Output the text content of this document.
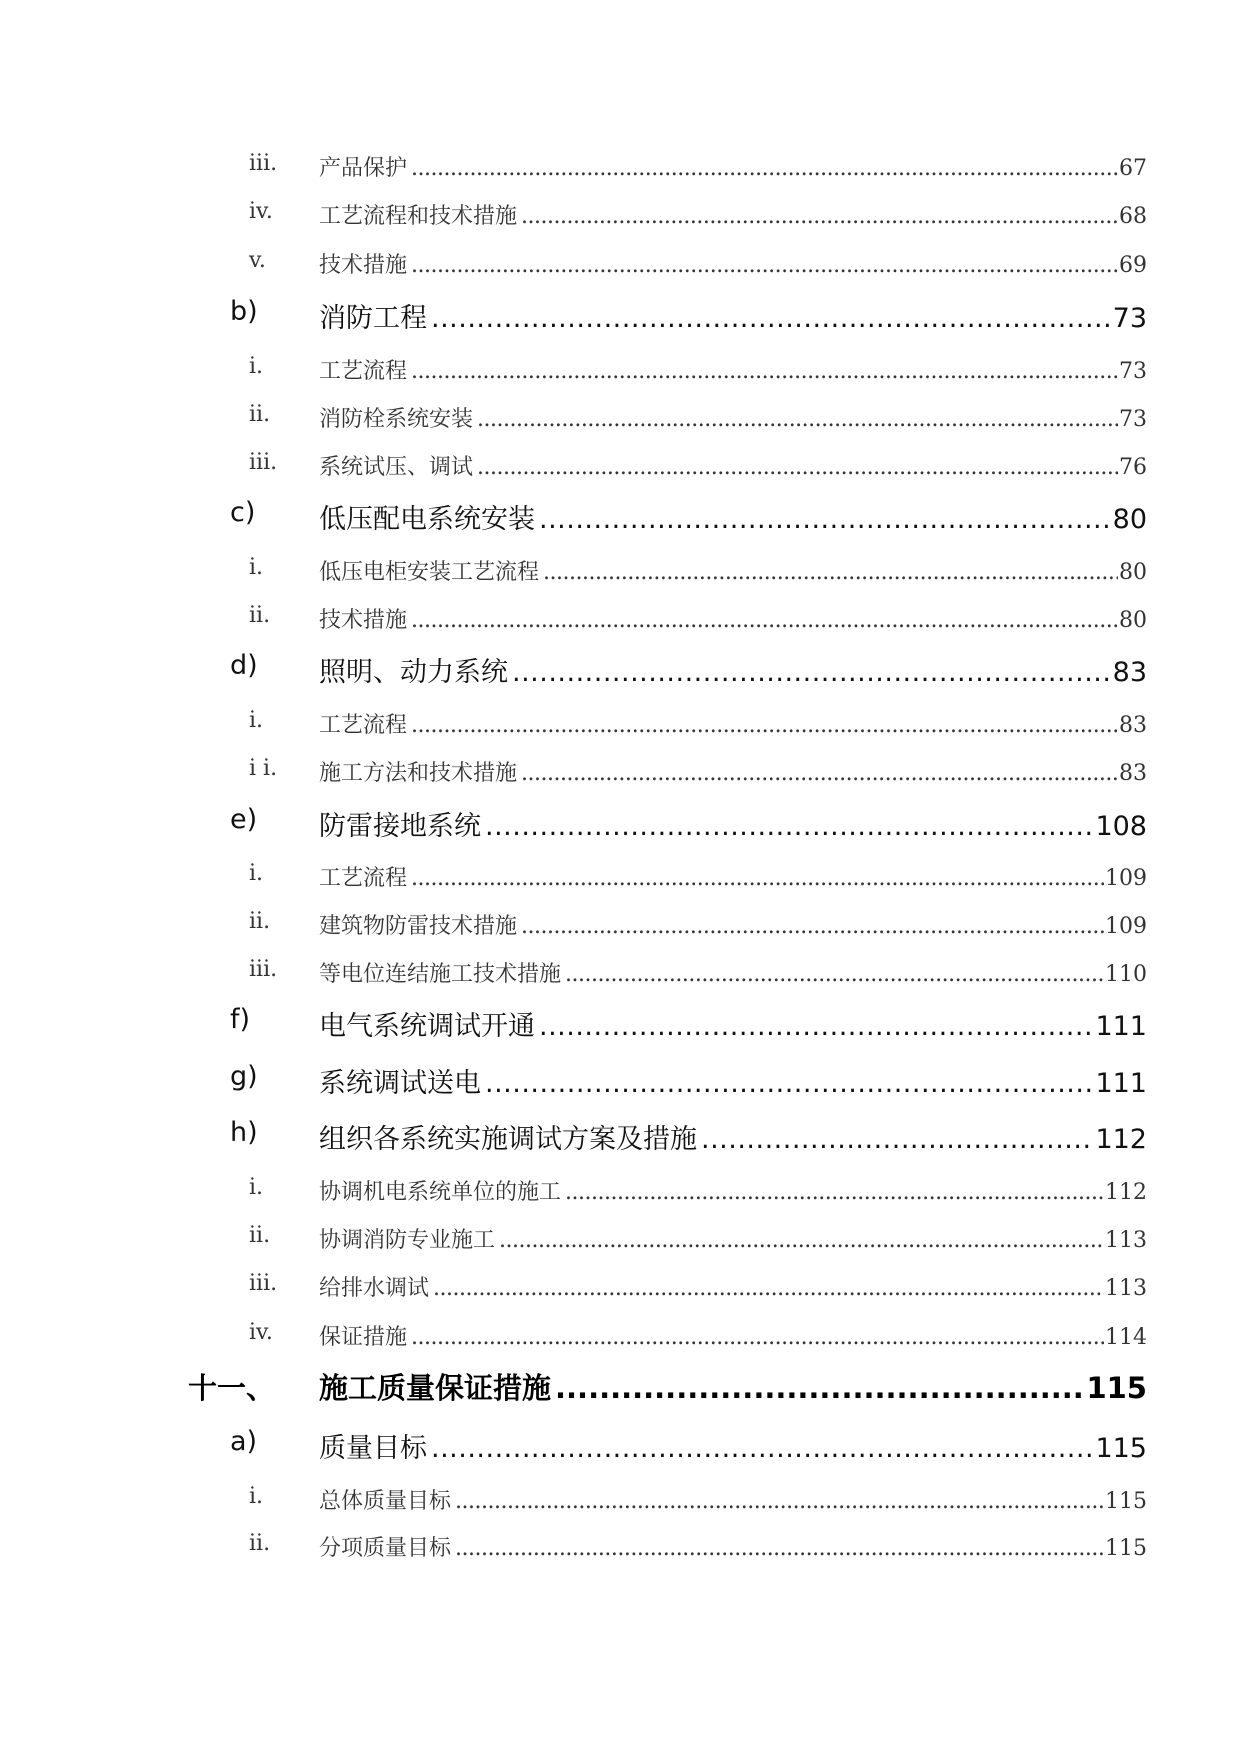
iii. 产品保护 .....	67
iv. 工艺流程和技术措施 .....	68
v. 技术措施 .....	69
b) 消防工程 .....	73
i.	工艺流程 .....	73
ii. 消防栓系统安装 .....	73
iii. 系统试压、调试 .....	76
c) 低压配电系统安装 .....	80
i.	低压电柜安装工艺流程 .....	80
ii. 技术措施 .....	80
d) 照明、动力系统 .....	83
i.	工艺流程 .....	83
i i. 施工方法和技术措施 .....	83
e) 防雷接地系统 .....	108
i.	工艺流程 .....	109
ii. 建筑物防雷技术措施 .....	109
iii. 等电位连结施工技术措施 .....	110
f)	电气系统调试开通 .....	111
g) 系统调试送电 .....	111
h) 组织各系统实施调试方案及措施 .....	112
i.	协调机电系统单位的施工 .....	112
ii. 协调消防专业施工 .....	113
iii. 给排水调试 .....	113
iv. 保证措施 .....	114
十一、 施工质量保证措施 .....	115
a) 质量目标 .....	115
i.	总体质量目标 .....	115
ii. 分项质量目标 .....	115
